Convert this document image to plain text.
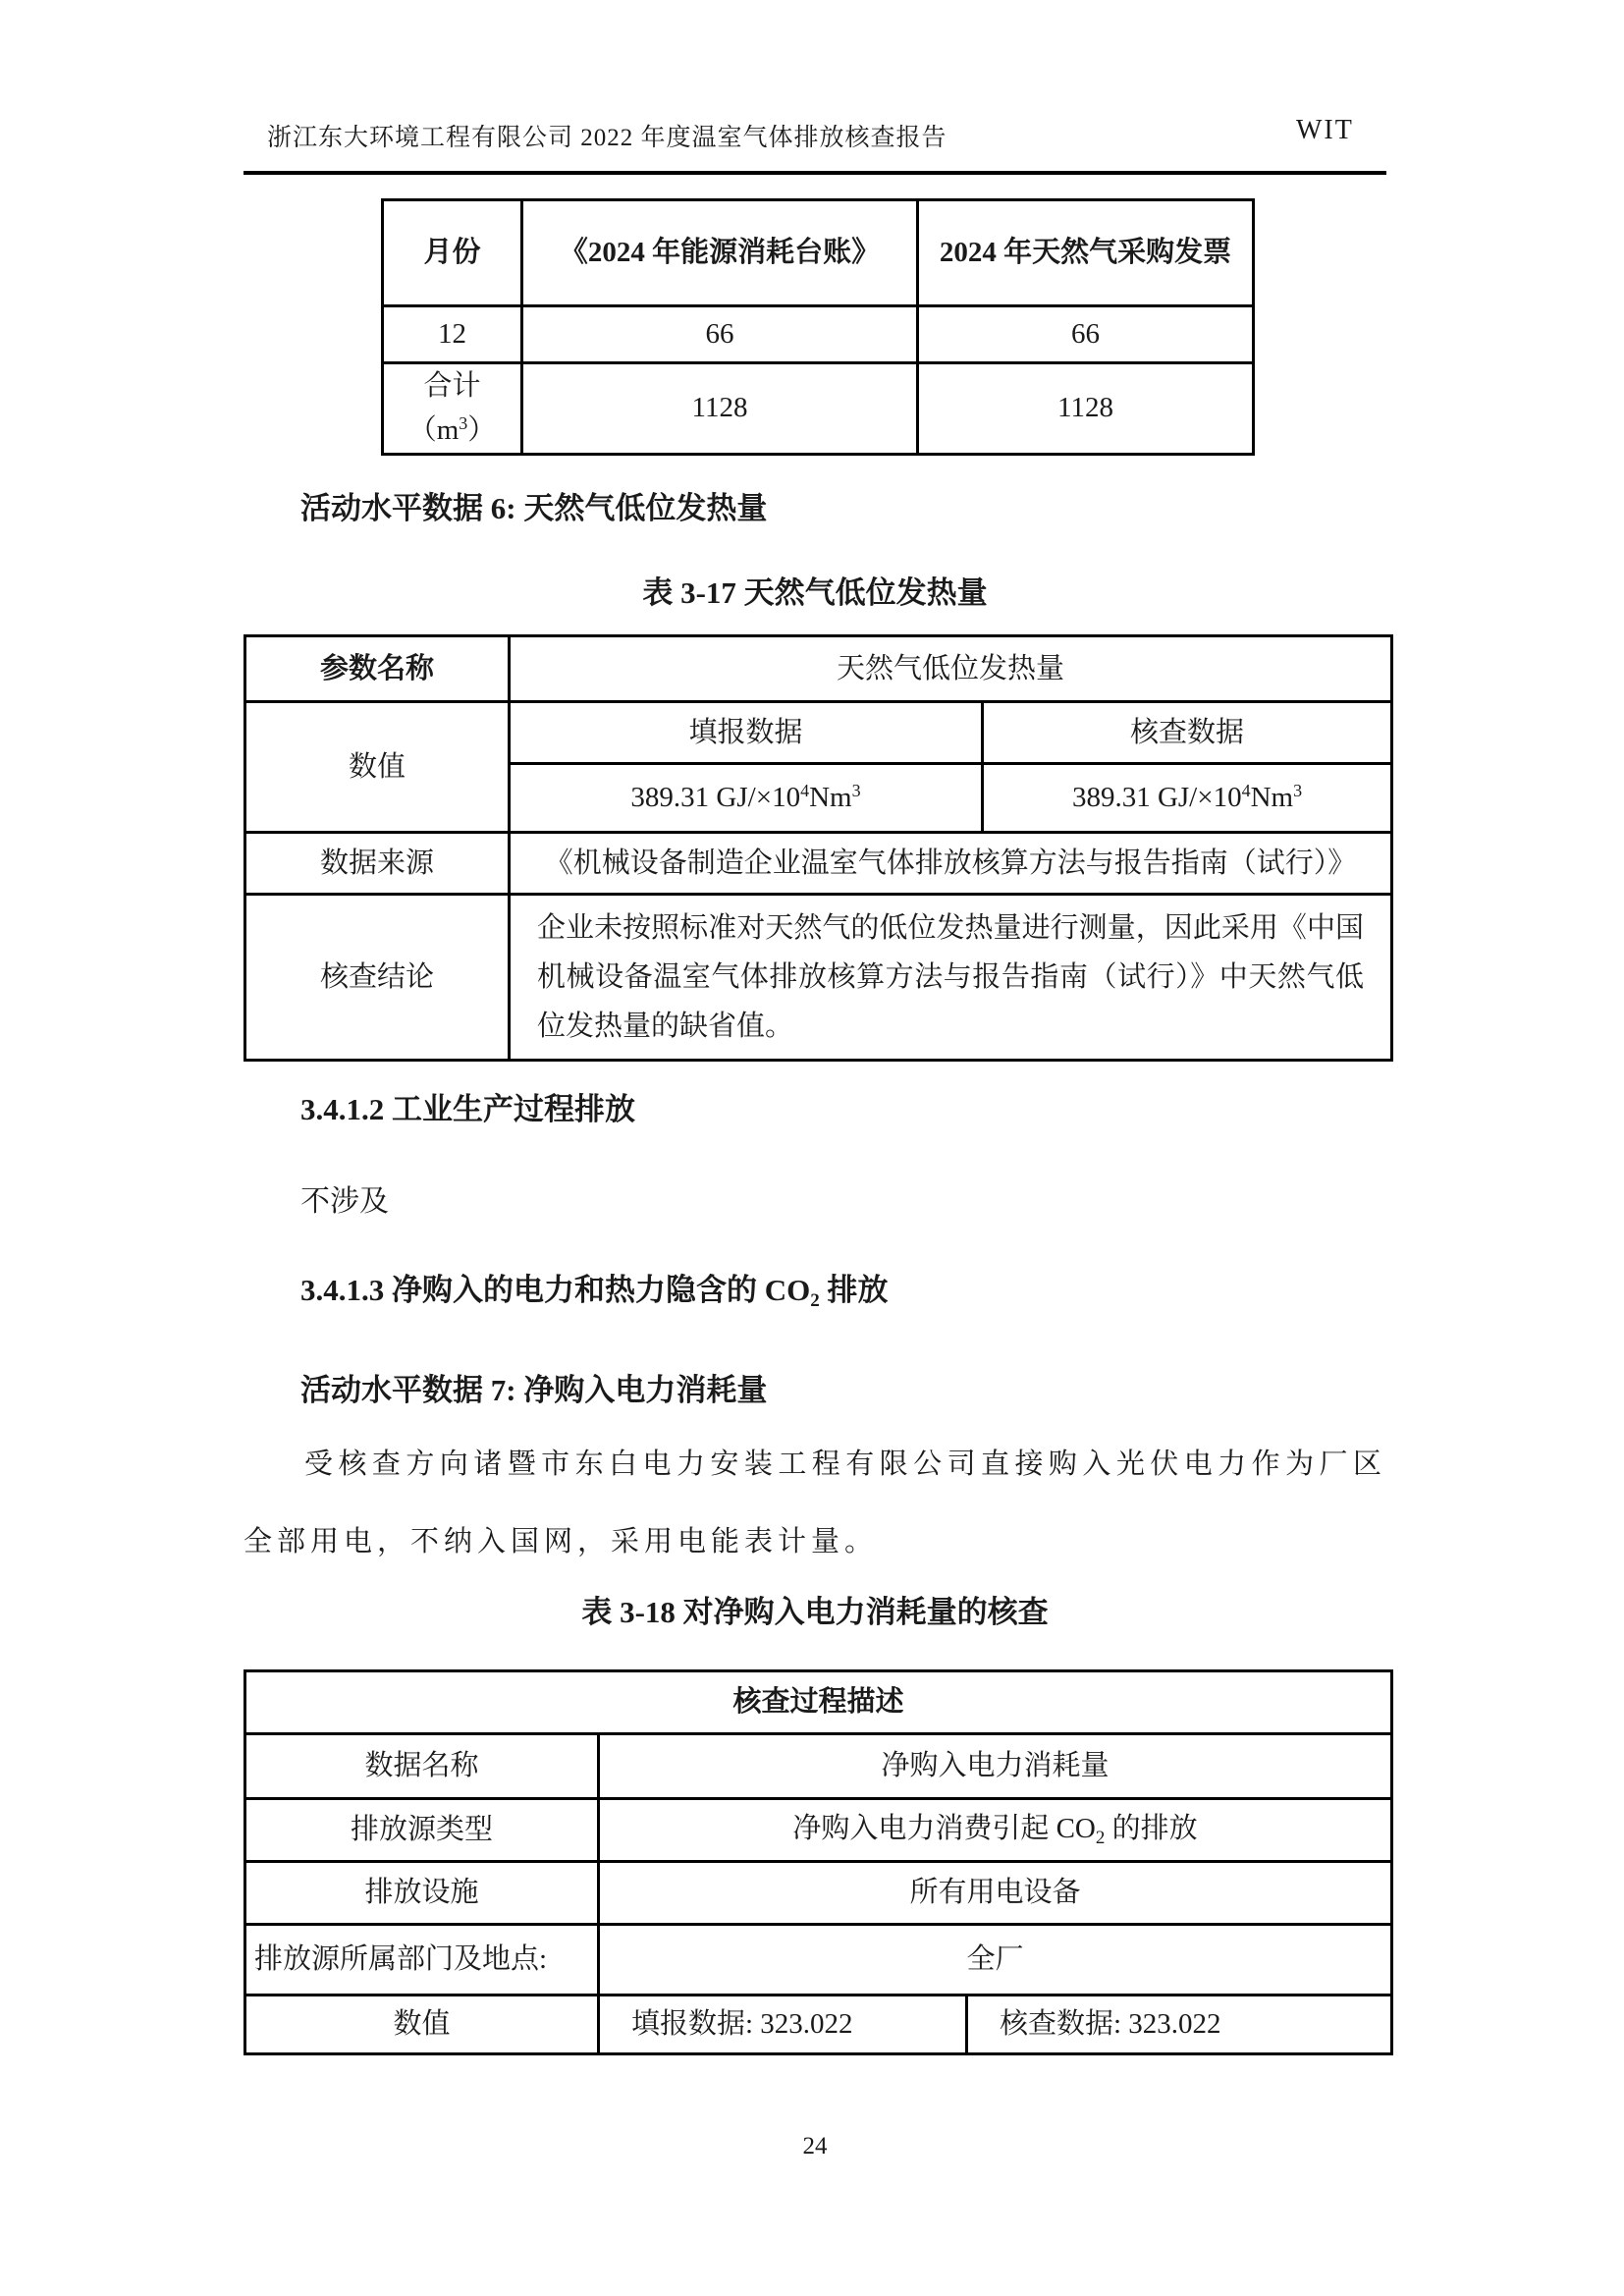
浙江东大环境工程有限公司 2022 年度温室气体排放核查报告	WIT
月份	《2024 年能源消耗台账》	2024 年天然气采购发票
12	66	66
合计
$(m^3)$	1128	1128
活动水平数据 6: 天然气低位发热量
表 3-17 天然气低位发热量
参数名称	天然气低位发热量	
数值	填报数据	核查数据
	389.31 $GJ/\times 10^4Nm^3$	389.31 $GJ/\times 10^4Nm^3$
数据来源	《机械设备制造企业温室气体排放核算方法与报告指南（试行）》	
核查结论	企业未按照标准对天然气的低位发热量进行测量，因此采用《中国机械设备温室气体排放核算方法与报告指南（试行）》中天然气低位发热量的缺省值。	
3.4.1.2 工业生产过程排放
不涉及
3.4.1.3 净购入的电力和热力隐含的 $CO_2$ 排放
活动水平数据 7: 净购入电力消耗量
受核查方向诸暨市东白电力安装工程有限公司直接购入光伏电力作为厂区全部用电，不纳入国网，采用电能表计量。
表 3-18 对净购入电力消耗量的核查
核查过程描述		
数据名称	净购入电力消耗量	
排放源类型	净购入电力消费引起 $CO_2$ 的排放	
排放设施	所有用电设备	
排放源所属部门及地点:	全厂	
数值	填报数据: 323.022	核查数据: 323.022
24
